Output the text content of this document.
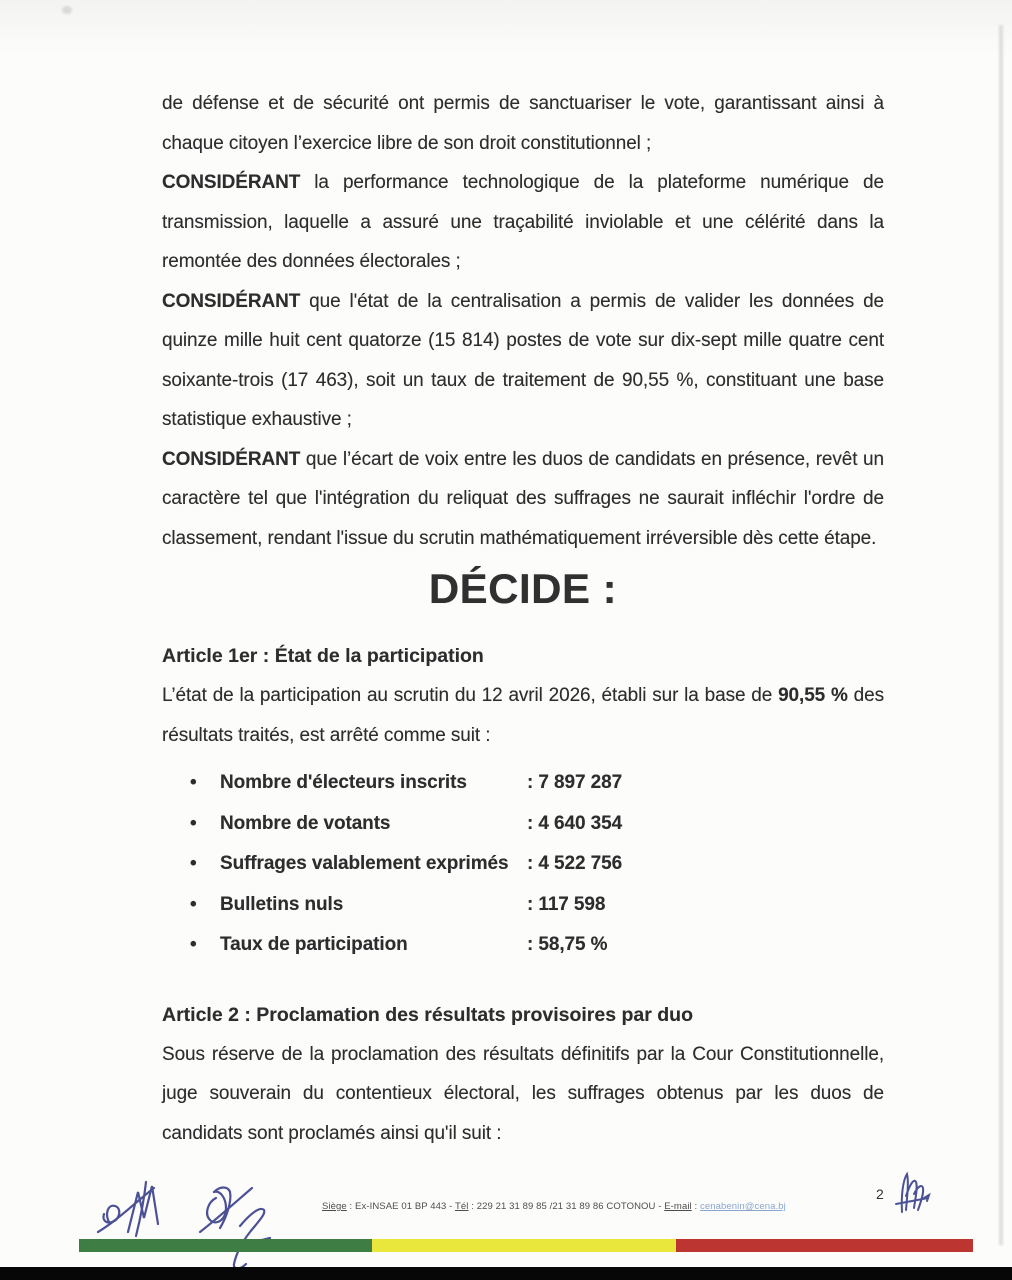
de défense et de sécurité ont permis de sanctuariser le vote, garantissant ainsi à chaque citoyen l’exercice libre de son droit constitutionnel ;

CONSIDÉRANT la performance technologique de la plateforme numérique de transmission, laquelle a assuré une traçabilité inviolable et une célérité dans la remontée des données électorales ;

CONSIDÉRANT que l'état de la centralisation a permis de valider les données de quinze mille huit cent quatorze (15 814) postes de vote sur dix-sept mille quatre cent soixante-trois (17 463), soit un taux de traitement de 90,55 %, constituant une base statistique exhaustive ;

CONSIDÉRANT que l’écart de voix entre les duos de candidats en présence, revêt un caractère tel que l'intégration du reliquat des suffrages ne saurait infléchir l'ordre de classement, rendant l'issue du scrutin mathématiquement irréversible dès cette étape.

DÉCIDE :
Article 1er : État de la participation

L’état de la participation au scrutin du 12 avril 2026, établi sur la base de 90,55 % des résultats traités, est arrêté comme suit :

• Nombre d'électeurs inscrits	: 7 897 287
• Nombre de votants	: 4 640 354
• Suffrages valablement exprimés : 4 522 756
• Bulletins nuls	: 117 598
• Taux de participation	: 58,75 %
Article 2 : Proclamation des résultats provisoires par duo

Sous réserve de la proclamation des résultats définitifs par la Cour Constitutionnelle, juge souverain du contentieux électoral, les suffrages obtenus par les duos de candidats sont proclamés ainsi qu'il suit :

Siège : Ex-INSAE 01 BP 443 - Tél : 229 21 31 89 85 /21 31 89 86 COTONOU - E-mail : cenabenin@cena.bj
2
